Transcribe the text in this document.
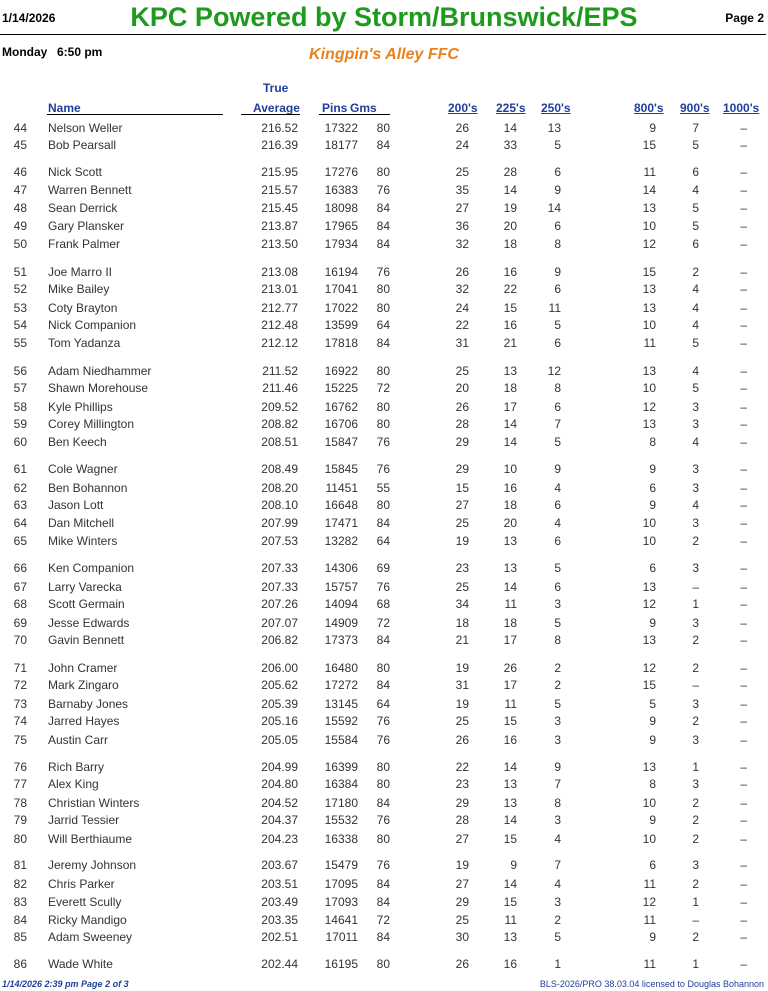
1/14/2026	KPC Powered by Storm/Brunswick/EPS	Page 2
Monday 6:50 pm	Kingpin's Alley FFC
True
Name	Average Pins Gms	200's 225's 250's	800's 900's 1000's
44 Nelson Weller	216.52	17322	80	26	14	13	9	7	–
45 Bob Pearsall	216.39	18177	84	24	33	5	15	5	–
46 Nick Scott	215.95	17276	80	25	28	6	11	6	–
47 Warren Bennett	215.57	16383	76	35	14	9	14	4	–
48 Sean Derrick	215.45	18098	84	27	19	14	13	5	–
49 Gary Plansker	213.87	17965	84	36	20	6	10	5	–
50 Frank Palmer	213.50	17934	84	32	18	8	12	6	–
51 Joe Marro II	213.08	16194	76	26	16	9	15	2	–
52 Mike Bailey	213.01	17041	80	32	22	6	13	4	–
53 Coty Brayton	212.77	17022	80	24	15	11	13	4	–
54 Nick Companion	212.48	13599	64	22	16	5	10	4	–
55 Tom Yadanza	212.12	17818	84	31	21	6	11	5	–
56 Adam Niedhammer	211.52	16922	80	25	13	12	13	4	–
57 Shawn Morehouse	211.46	15225	72	20	18	8	10	5	–
58 Kyle Phillips	209.52	16762	80	26	17	6	12	3	–
59 Corey Millington	208.82	16706	80	28	14	7	13	3	–
60 Ben Keech	208.51	15847	76	29	14	5	8	4	–
61 Cole Wagner	208.49	15845	76	29	10	9	9	3	–
62 Ben Bohannon	208.20	11451	55	15	16	4	6	3	–
63 Jason Lott	208.10	16648	80	27	18	6	9	4	–
64 Dan Mitchell	207.99	17471	84	25	20	4	10	3	–
65 Mike Winters	207.53	13282	64	19	13	6	10	2	–
66 Ken Companion	207.33	14306	69	23	13	5	6	3	–
67 Larry Varecka	207.33	15757	76	25	14	6	13	–	–
68 Scott Germain	207.26	14094	68	34	11	3	12	1	–
69 Jesse Edwards	207.07	14909	72	18	18	5	9	3	–
70 Gavin Bennett	206.82	17373	84	21	17	8	13	2	–
71 John Cramer	206.00	16480	80	19	26	2	12	2	–
72 Mark Zingaro	205.62	17272	84	31	17	2	15	–	–
73 Barnaby Jones	205.39	13145	64	19	11	5	5	3	–
74 Jarred Hayes	205.16	15592	76	25	15	3	9	2	–
75 Austin Carr	205.05	15584	76	26	16	3	9	3	–
76 Rich Barry	204.99	16399	80	22	14	9	13	1	–
77 Alex King	204.80	16384	80	23	13	7	8	3	–
78 Christian Winters	204.52	17180	84	29	13	8	10	2	–
79 Jarrid Tessier	204.37	15532	76	28	14	3	9	2	–
80 Will Berthiaume	204.23	16338	80	27	15	4	10	2	–
81 Jeremy Johnson	203.67	15479	76	19	9	7	6	3	–
82 Chris Parker	203.51	17095	84	27	14	4	11	2	–
83 Everett Scully	203.49	17093	84	29	15	3	12	1	–
84 Ricky Mandigo	203.35	14641	72	25	11	2	11	–	–
85 Adam Sweeney	202.51	17011	84	30	13	5	9	2	–
86 Wade White	202.44	16195	80	26	16	1	11	1	–
1/14/2026 2:39 pm Page 2 of 3	BLS-2026/PRO 38.03.04 licensed to Douglas Bohannon
